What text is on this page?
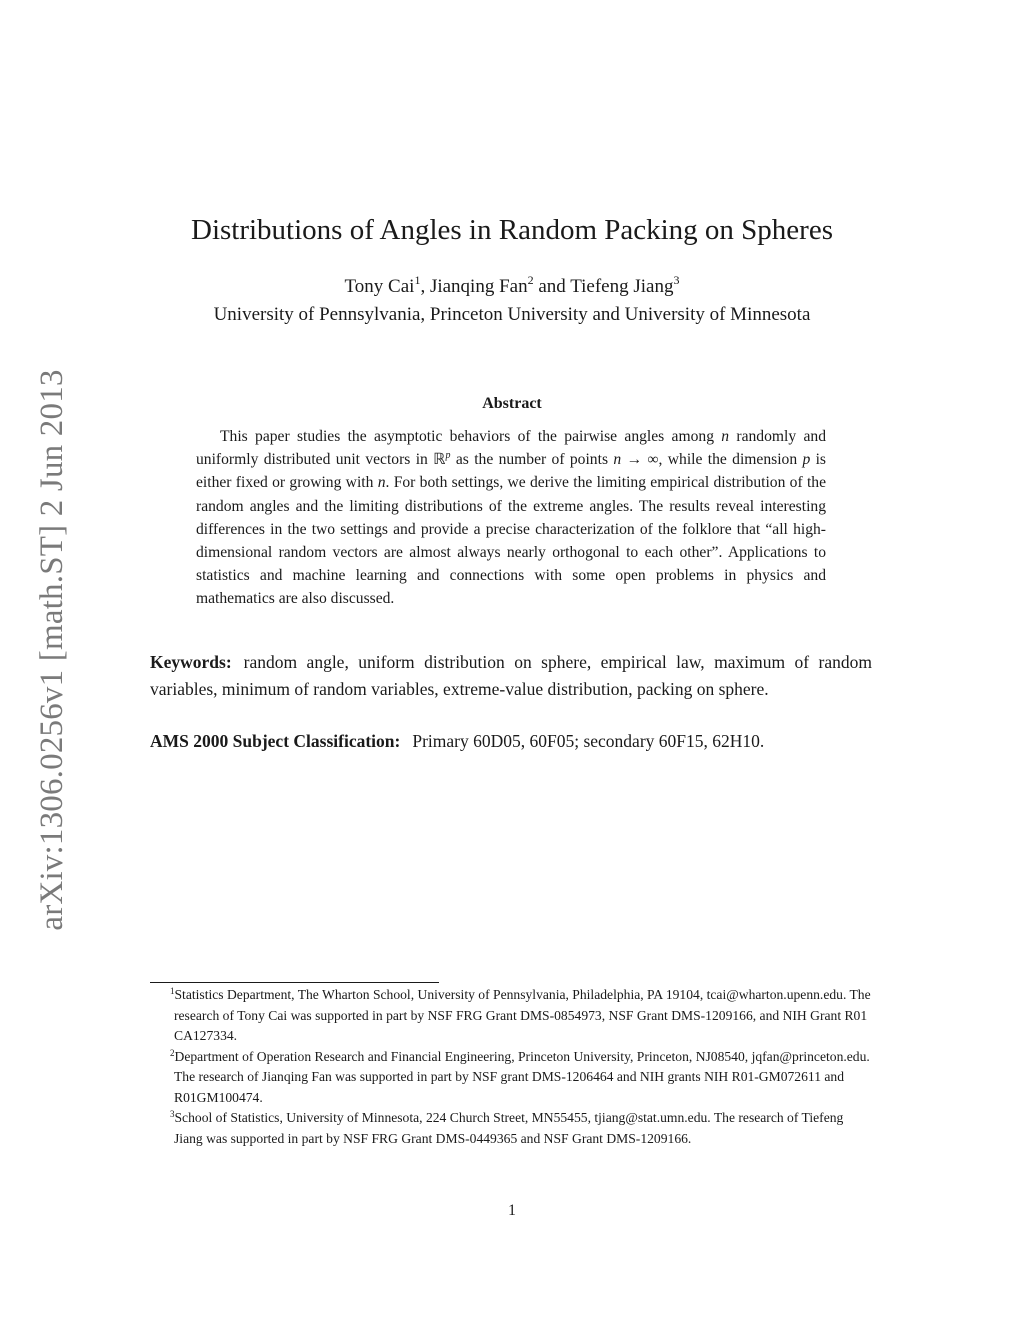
arXiv:1306.0256v1 [math.ST] 2 Jun 2013
Distributions of Angles in Random Packing on Spheres
Tony Cai$^1$, Jianqing Fan$^2$ and Tiefeng Jiang$^3$
University of Pennsylvania, Princeton University and University of Minnesota
Abstract

This paper studies the asymptotic behaviors of the pairwise angles among n randomly and uniformly distributed unit vectors in ℝ$^p$ as the number of points n → ∞, while the dimension p is either fixed or growing with n. For both settings, we derive the limiting empirical distribution of the random angles and the limiting distributions of the extreme angles. The results reveal interesting differences in the two settings and provide a precise characterization of the folklore that “all high-dimensional random vectors are almost always nearly orthogonal to each other”. Applications to statistics and machine learning and connections with some open problems in physics and mathematics are also discussed.

Keywords: random angle, uniform distribution on sphere, empirical law, maximum of random variables, minimum of random variables, extreme-value distribution, packing on sphere.

AMS 2000 Subject Classification: Primary 60D05, 60F05; secondary 60F15, 62H10.

$^1$Statistics Department, The Wharton School, University of Pennsylvania, Philadelphia, PA 19104, tcai@wharton.upenn.edu. The research of Tony Cai was supported in part by NSF FRG Grant DMS-0854973, NSF Grant DMS-1209166, and NIH Grant R01 CA127334.

$^2$Department of Operation Research and Financial Engineering, Princeton University, Princeton, NJ08540, jqfan@princeton.edu. The research of Jianqing Fan was supported in part by NSF grant DMS-1206464 and NIH grants NIH R01-GM072611 and R01GM100474.

$^3$School of Statistics, University of Minnesota, 224 Church Street, MN55455, tjiang@stat.umn.edu. The research of Tiefeng Jiang was supported in part by NSF FRG Grant DMS-0449365 and NSF Grant DMS-1209166.

1
